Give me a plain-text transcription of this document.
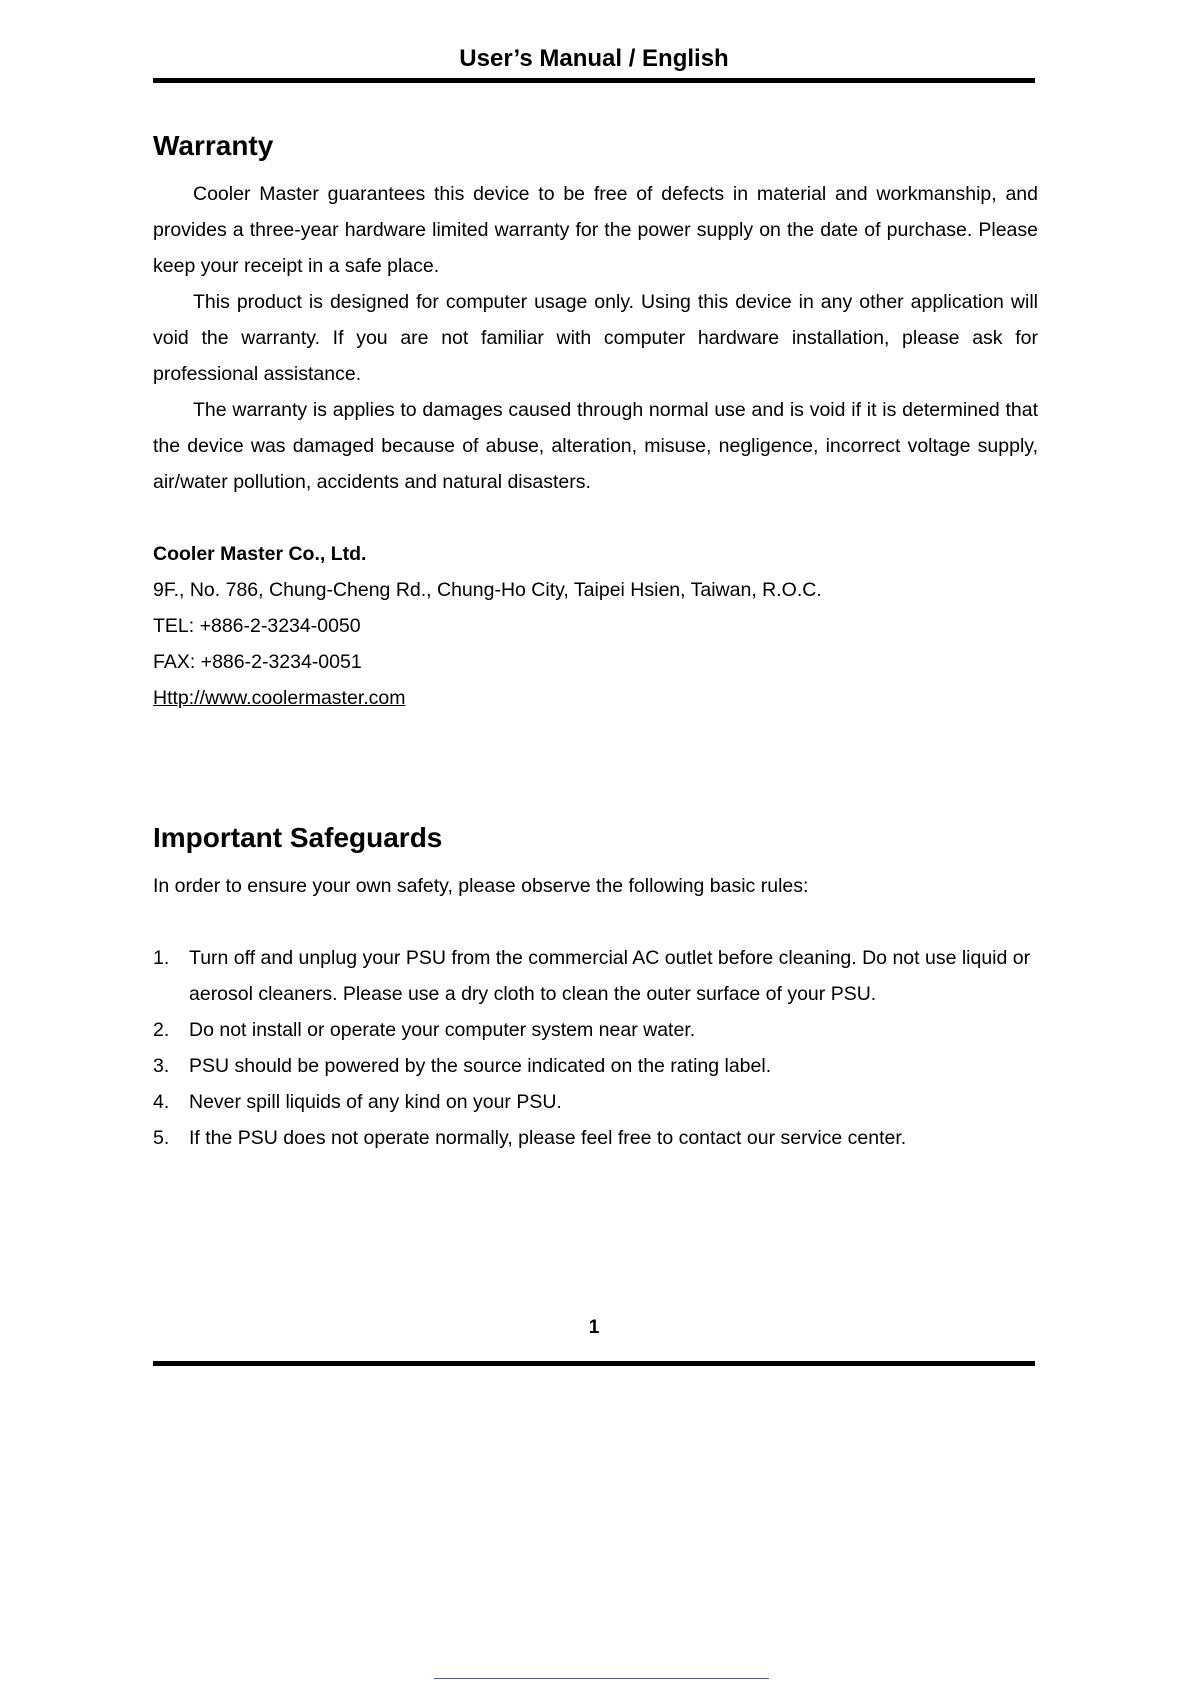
User’s Manual / English
Warranty

Cooler Master guarantees this device to be free of defects in material and workmanship, and provides a three-year hardware limited warranty for the power supply on the date of purchase. Please keep your receipt in a safe place.

This product is designed for computer usage only. Using this device in any other application will void the warranty. If you are not familiar with computer hardware installation, please ask for professional assistance.

The warranty is applies to damages caused through normal use and is void if it is determined that the device was damaged because of abuse, alteration, misuse, negligence, incorrect voltage supply, air/water pollution, accidents and natural disasters.

Cooler Master Co., Ltd.

9F., No. 786, Chung-Cheng Rd., Chung-Ho City, Taipei Hsien, Taiwan, R.O.C.

TEL: +886-2-3234-0050

FAX: +886-2-3234-0051

Http://www.coolermaster.com

Important Safeguards

In order to ensure your own safety, please observe the following basic rules:

1. Turn off and unplug your PSU from the commercial AC outlet before cleaning. Do not use liquid or aerosol cleaners. Please use a dry cloth to clean the outer surface of your PSU.
2. Do not install or operate your computer system near water.
3. PSU should be powered by the source indicated on the rating label.
4. Never spill liquids of any kind on your PSU.
5. If the PSU does not operate normally, please feel free to contact our service center.
1
